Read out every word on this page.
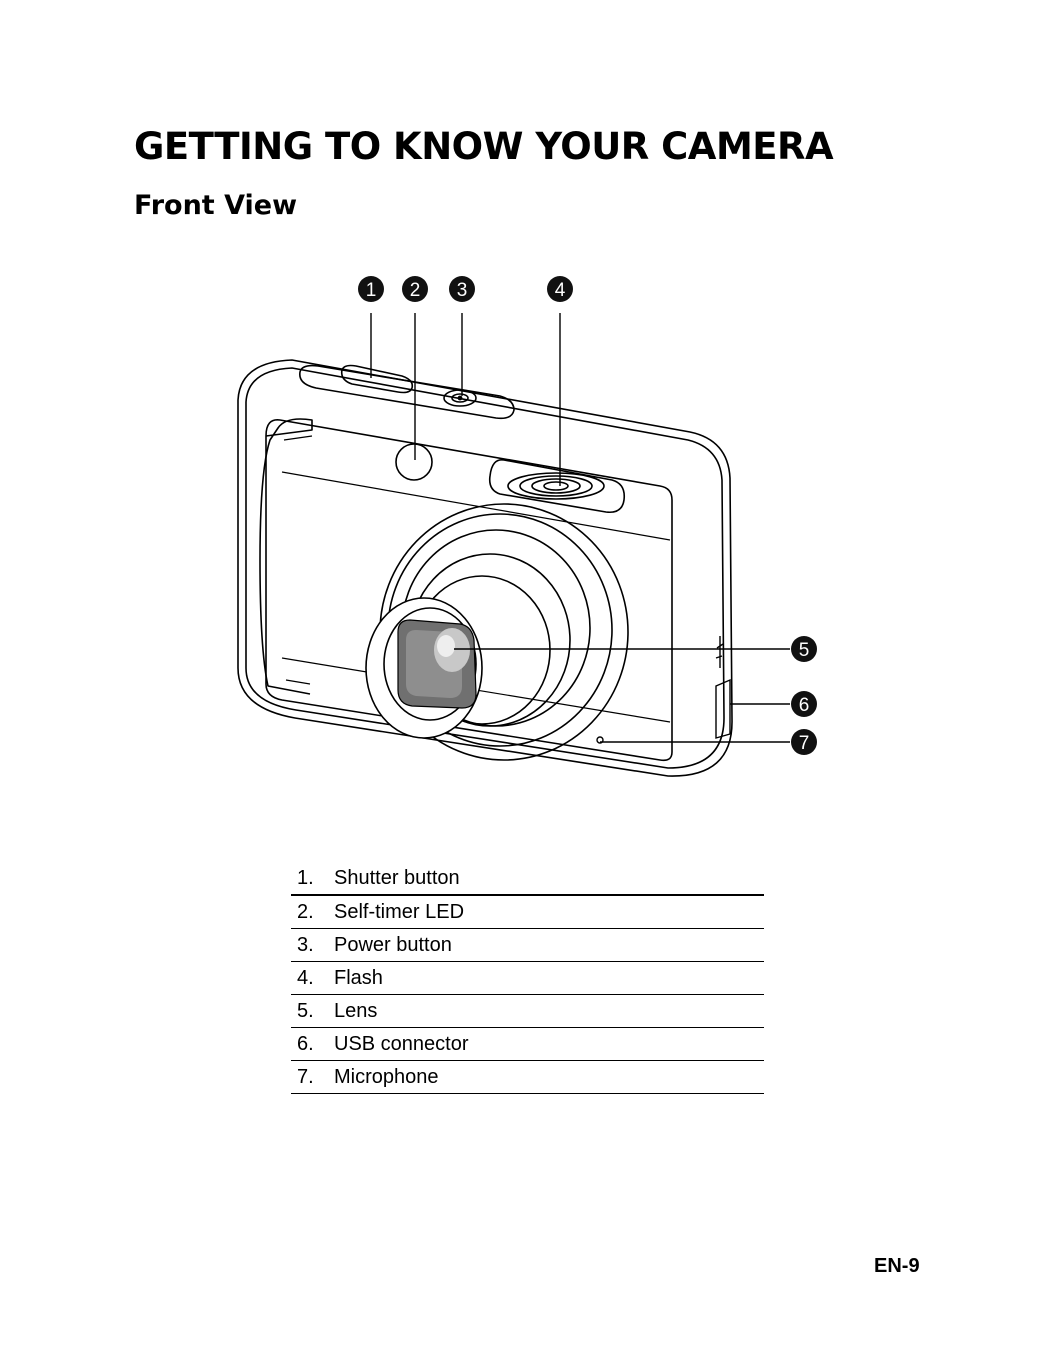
GETTING TO KNOW YOUR CAMERA
Front View
1 2 3	4
5
6
7
1.	Shutter button
2.	Self-timer LED
3.	Power button
4.	Flash
5.	Lens
6.	USB connector
7.	Microphone
EN-9
